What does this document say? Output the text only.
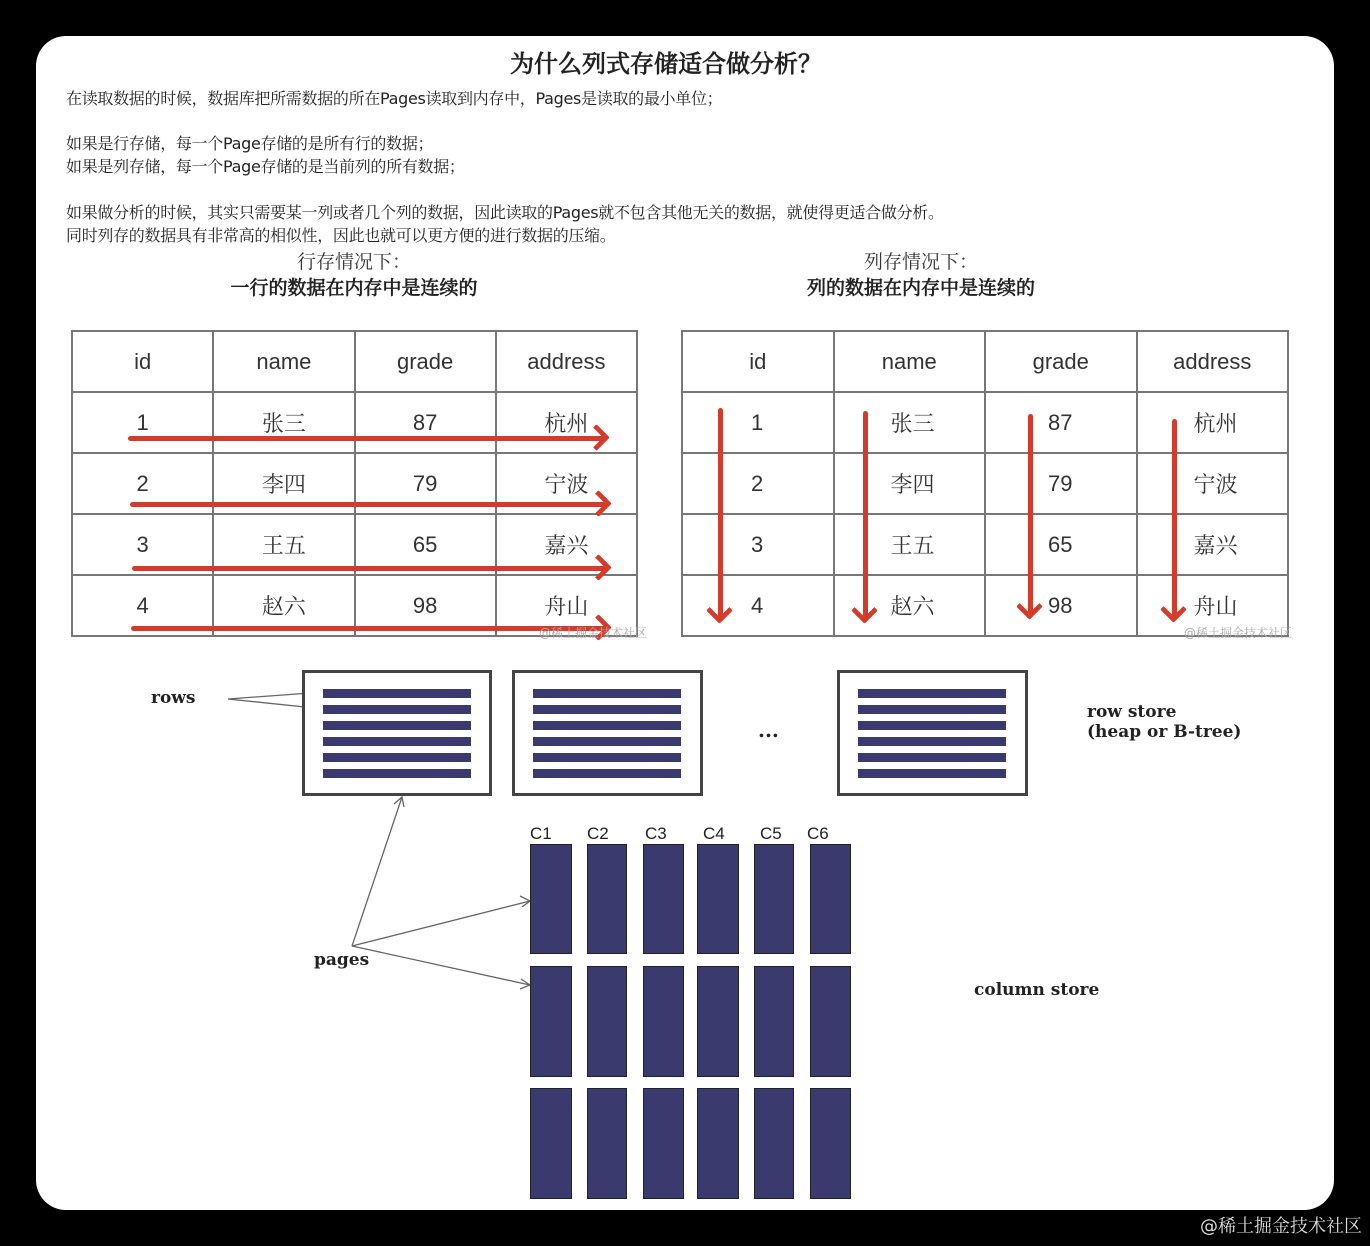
为什么列式存储适合做分析？
在读取数据的时候，数据库把所需数据的所在Pages读取到内存中，Pages是读取的最小单位；
如果是行存储，每一个Page存储的是所有行的数据；
如果是列存储，每一个Page存储的是当前列的所有数据；
如果做分析的时候，其实只需要某一列或者几个列的数据，因此读取的Pages就不包含其他无关的数据，就使得更适合做分析。
同时列存的数据具有非常高的相似性，因此也就可以更方便的进行数据的压缩。
行存情况下：
一行的数据在内存中是连续的
列存情况下：
列的数据在内存中是连续的
id	name	grade	address
1	张三	87	杭州
2	李四	79	宁波
3	王五	65	嘉兴
4	赵六	98	舟山
@稀土掘金技术社区
id	name	grade	address
1	张三	87	杭州
2	李四	79	宁波
3	王五	65	嘉兴
4	赵六	98	舟山
@稀土掘金技术社区
rows
...
row store
(heap or B-tree)
C1 C2 C3 C4 C5 C6
pages
column store
@稀土掘金技术社区
